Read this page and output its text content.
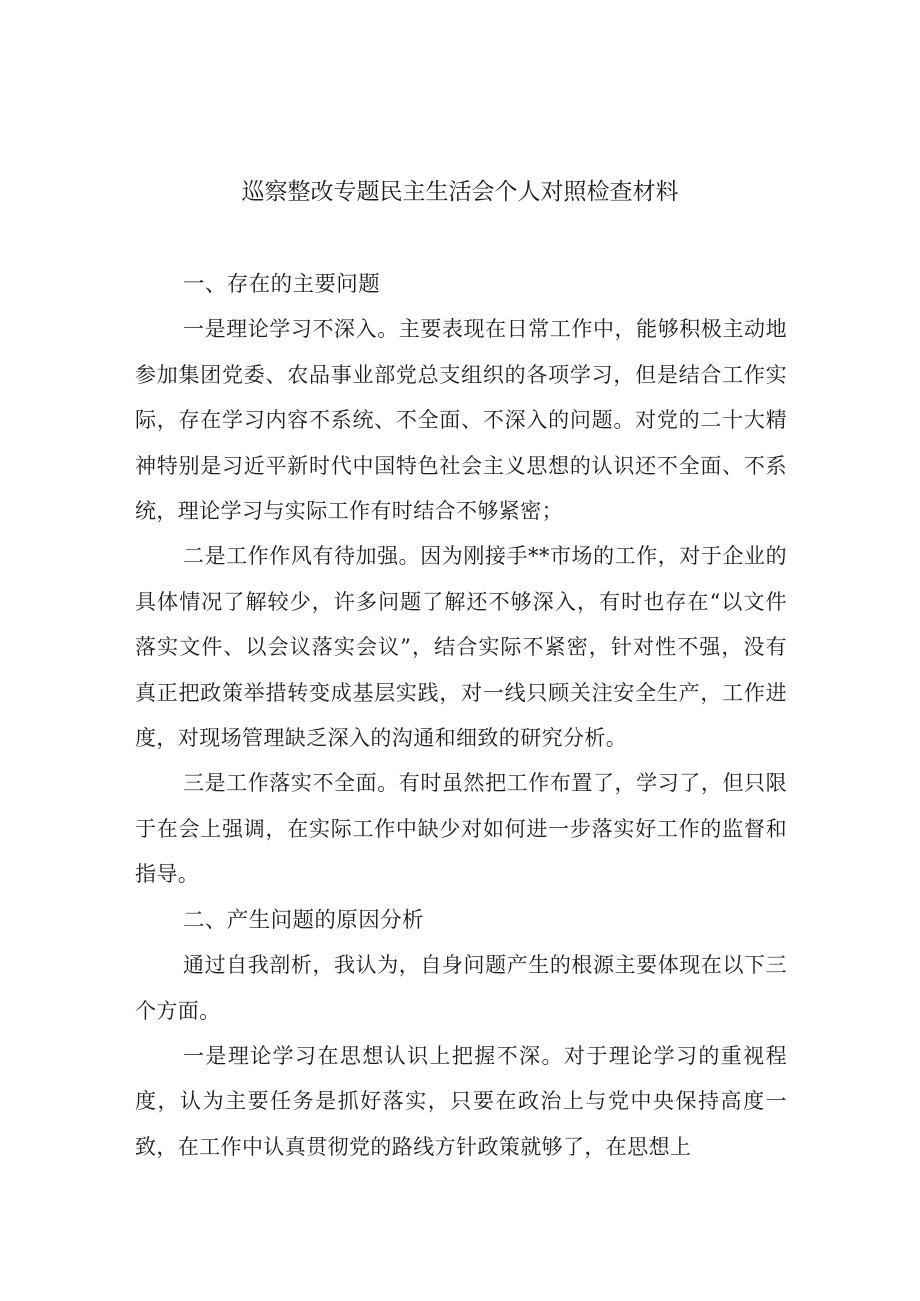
巡察整改专题民主生活会个人对照检查材料
一、存在的主要问题

一是理论学习不深入。主要表现在日常工作中，能够积极主动地参加集团党委、农品事业部党总支组织的各项学习，但是结合工作实际，存在学习内容不系统、不全面、不深入的问题。对党的二十大精神特别是习近平新时代中国特色社会主义思想的认识还不全面、不系统，理论学习与实际工作有时结合不够紧密；

二是工作作风有待加强。因为刚接手**市场的工作，对于企业的具体情况了解较少，许多问题了解还不够深入，有时也存在“以文件落实文件、以会议落实会议”，结合实际不紧密，针对性不强，没有真正把政策举措转变成基层实践，对一线只顾关注安全生产，工作进度，对现场管理缺乏深入的沟通和细致的研究分析。

三是工作落实不全面。有时虽然把工作布置了，学习了，但只限于在会上强调，在实际工作中缺少对如何进一步落实好工作的监督和指导。

二、产生问题的原因分析

通过自我剖析，我认为，自身问题产生的根源主要体现在以下三个方面。

一是理论学习在思想认识上把握不深。对于理论学习的重视程度，认为主要任务是抓好落实，只要在政治上与党中央保持高度一致，在工作中认真贯彻党的路线方针政策就够了，在思想上
